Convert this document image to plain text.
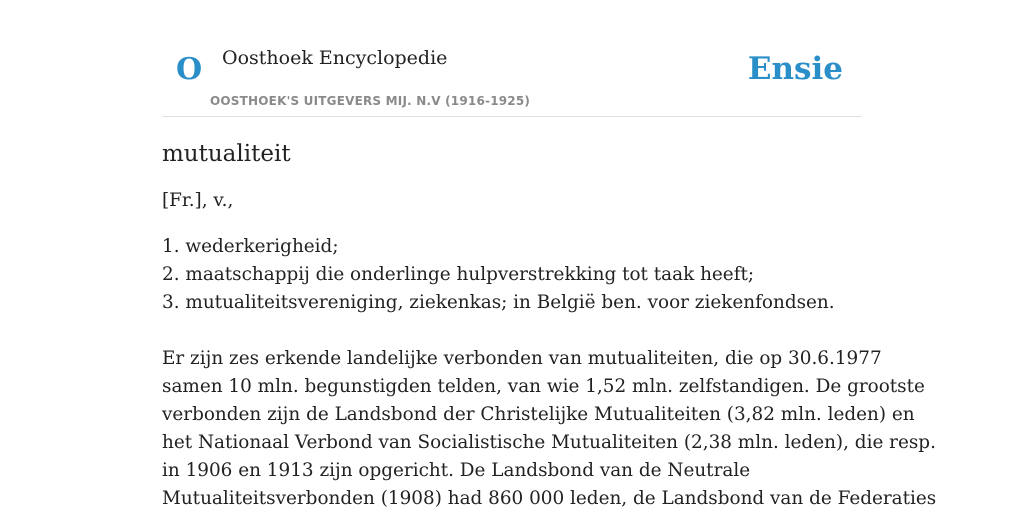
O Oosthoek Encyclopedie
OOSTHOEK'S UITGEVERS MIJ. N.V (1916-1925)
Ensie
mutualiteit

[Fr.], v.,

1. wederkerigheid;
2. maatschappij die onderlinge hulpverstrekking tot taak heeft;
3. mutualiteitsvereniging, ziekenkas; in België ben. voor ziekenfondsen.

Er zijn zes erkende landelijke verbonden van mutualiteiten, die op 30.6.1977
samen 10 mln. begunstigden telden, van wie 1,52 mln. zelfstandigen. De grootste
verbonden zijn de Landsbond der Christelijke Mutualiteiten (3,82 mln. leden) en
het Nationaal Verbond van Socialistische Mutualiteiten (2,38 mln. leden), die resp.
in 1906 en 1913 zijn opgericht. De Landsbond van de Neutrale
Mutualiteitsverbonden (1908) had 860 000 leden, de Landsbond van de Federaties
